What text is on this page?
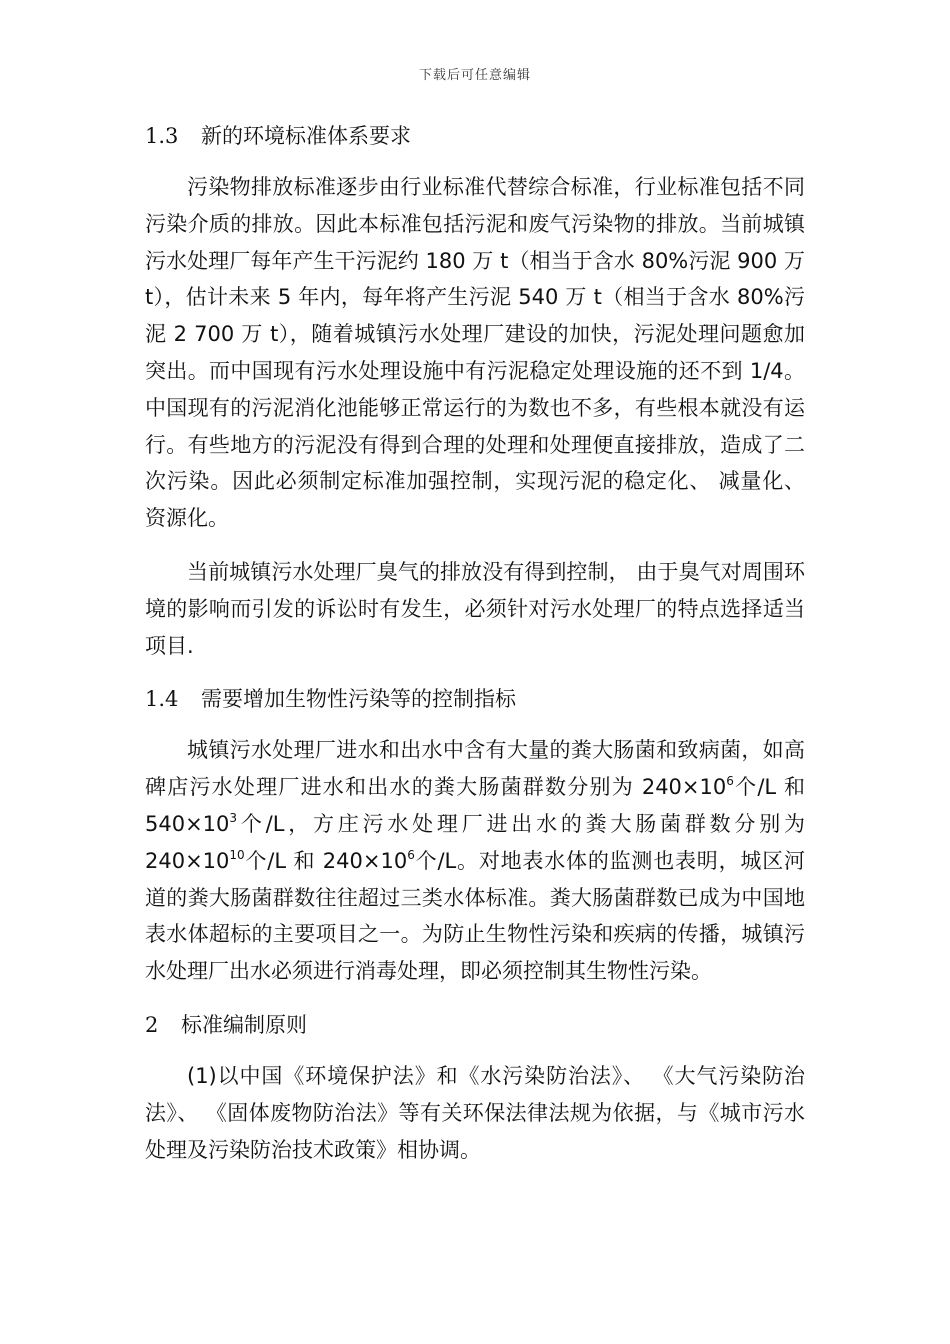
下载后可任意编辑
1.3 新的环境标准体系要求

污染物排放标准逐步由行业标准代替综合标准，行业标准包括不同污染介质的排放。因此本标准包括污泥和废气污染物的排放。当前城镇污水处理厂每年产生干污泥约 180 万 t（相当于含水 80%污泥 900 万 t），估计未来 5 年内，每年将产生污泥 540 万 t（相当于含水 80%污泥 2 700 万 t），随着城镇污水处理厂建设的加快，污泥处理问题愈加突出。而中国现有污水处理设施中有污泥稳定处理设施的还不到 1/4。中国现有的污泥消化池能够正常运行的为数也不多，有些根本就没有运行。有些地方的污泥没有得到合理的处理和处理便直接排放，造成了二次污染。因此必须制定标准加强控制，实现污泥的稳定化、 减量化、 资源化。

当前城镇污水处理厂臭气的排放没有得到控制， 由于臭气对周围环境的影响而引发的诉讼时有发生，必须针对污水处理厂的特点选择适当项目.

1.4 需要增加生物性污染等的控制指标

城镇污水处理厂进水和出水中含有大量的粪大肠菌和致病菌，如高碑店污水处理厂进水和出水的粪大肠菌群数分别为 $240\times 10^6$个/L 和 $540\times 10^3$个/L，方庄污水处理厂进出水的粪大肠菌群数分别为 $240\times 10^{10}$个/L 和 $240\times 10^6$个/L。对地表水体的监测也表明，城区河道的粪大肠菌群数往往超过三类水体标准。粪大肠菌群数已成为中国地表水体超标的主要项目之一。为防止生物性污染和疾病的传播，城镇污水处理厂出水必须进行消毒处理，即必须控制其生物性污染。

2 标准编制原则

(1)以中国《环境保护法》和《水污染防治法》、 《大气污染防治法》、 《固体废物防治法》等有关环保法律法规为依据，与《城市污水处理及污染防治技术政策》相协调。
